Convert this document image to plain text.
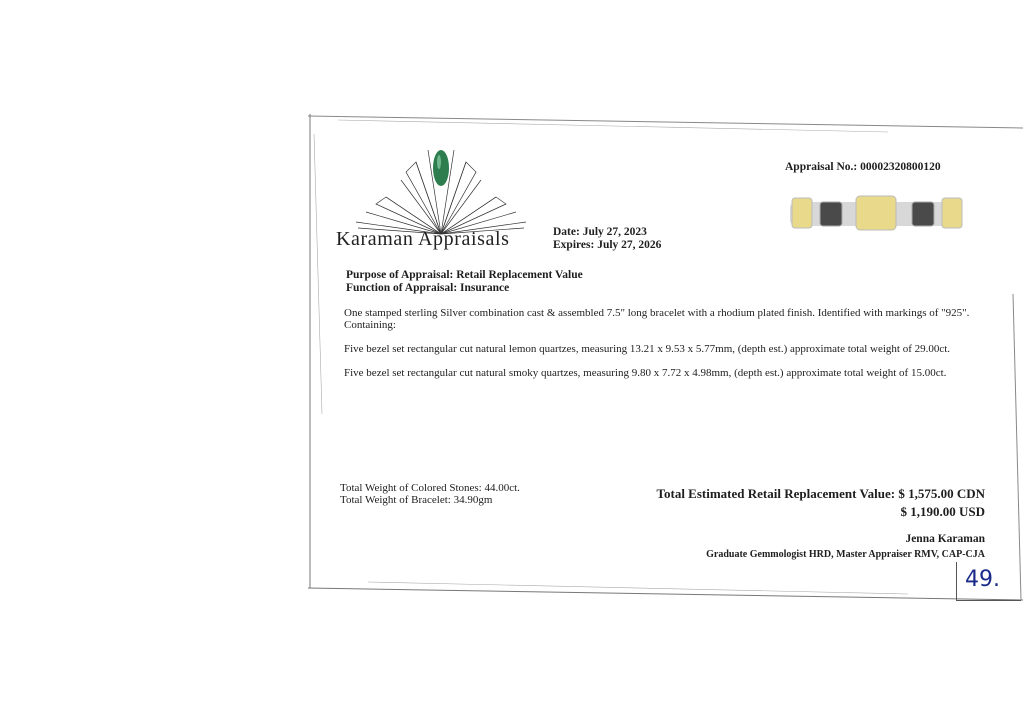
Karaman Appraisals	Date: July 27, 2023
Expires: July 27, 2026
Appraisal No.: 00002320800120
Purpose of Appraisal: Retail Replacement Value
Function of Appraisal: Insurance

One stamped sterling Silver combination cast & assembled 7.5" long bracelet with a rhodium plated finish. Identified with markings of "925".

Containing:

Five bezel set rectangular cut natural lemon quartzes, measuring 13.21 x 9.53 x 5.77mm, (depth est.) approximate total weight of 29.00ct.

Five bezel set rectangular cut natural smoky quartzes, measuring 9.80 x 7.72 x 4.98mm, (depth est.) approximate total weight of 15.00ct.

Total Weight of Colored Stones: 44.00ct.
Total Weight of Bracelet: 34.90gm	Total Estimated Retail Replacement Value: $ 1,575.00 CDN
$ 1,190.00 USD
Jenna Karaman
Graduate Gemmologist HRD, Master Appraiser RMV, CAP-CJA
49.
